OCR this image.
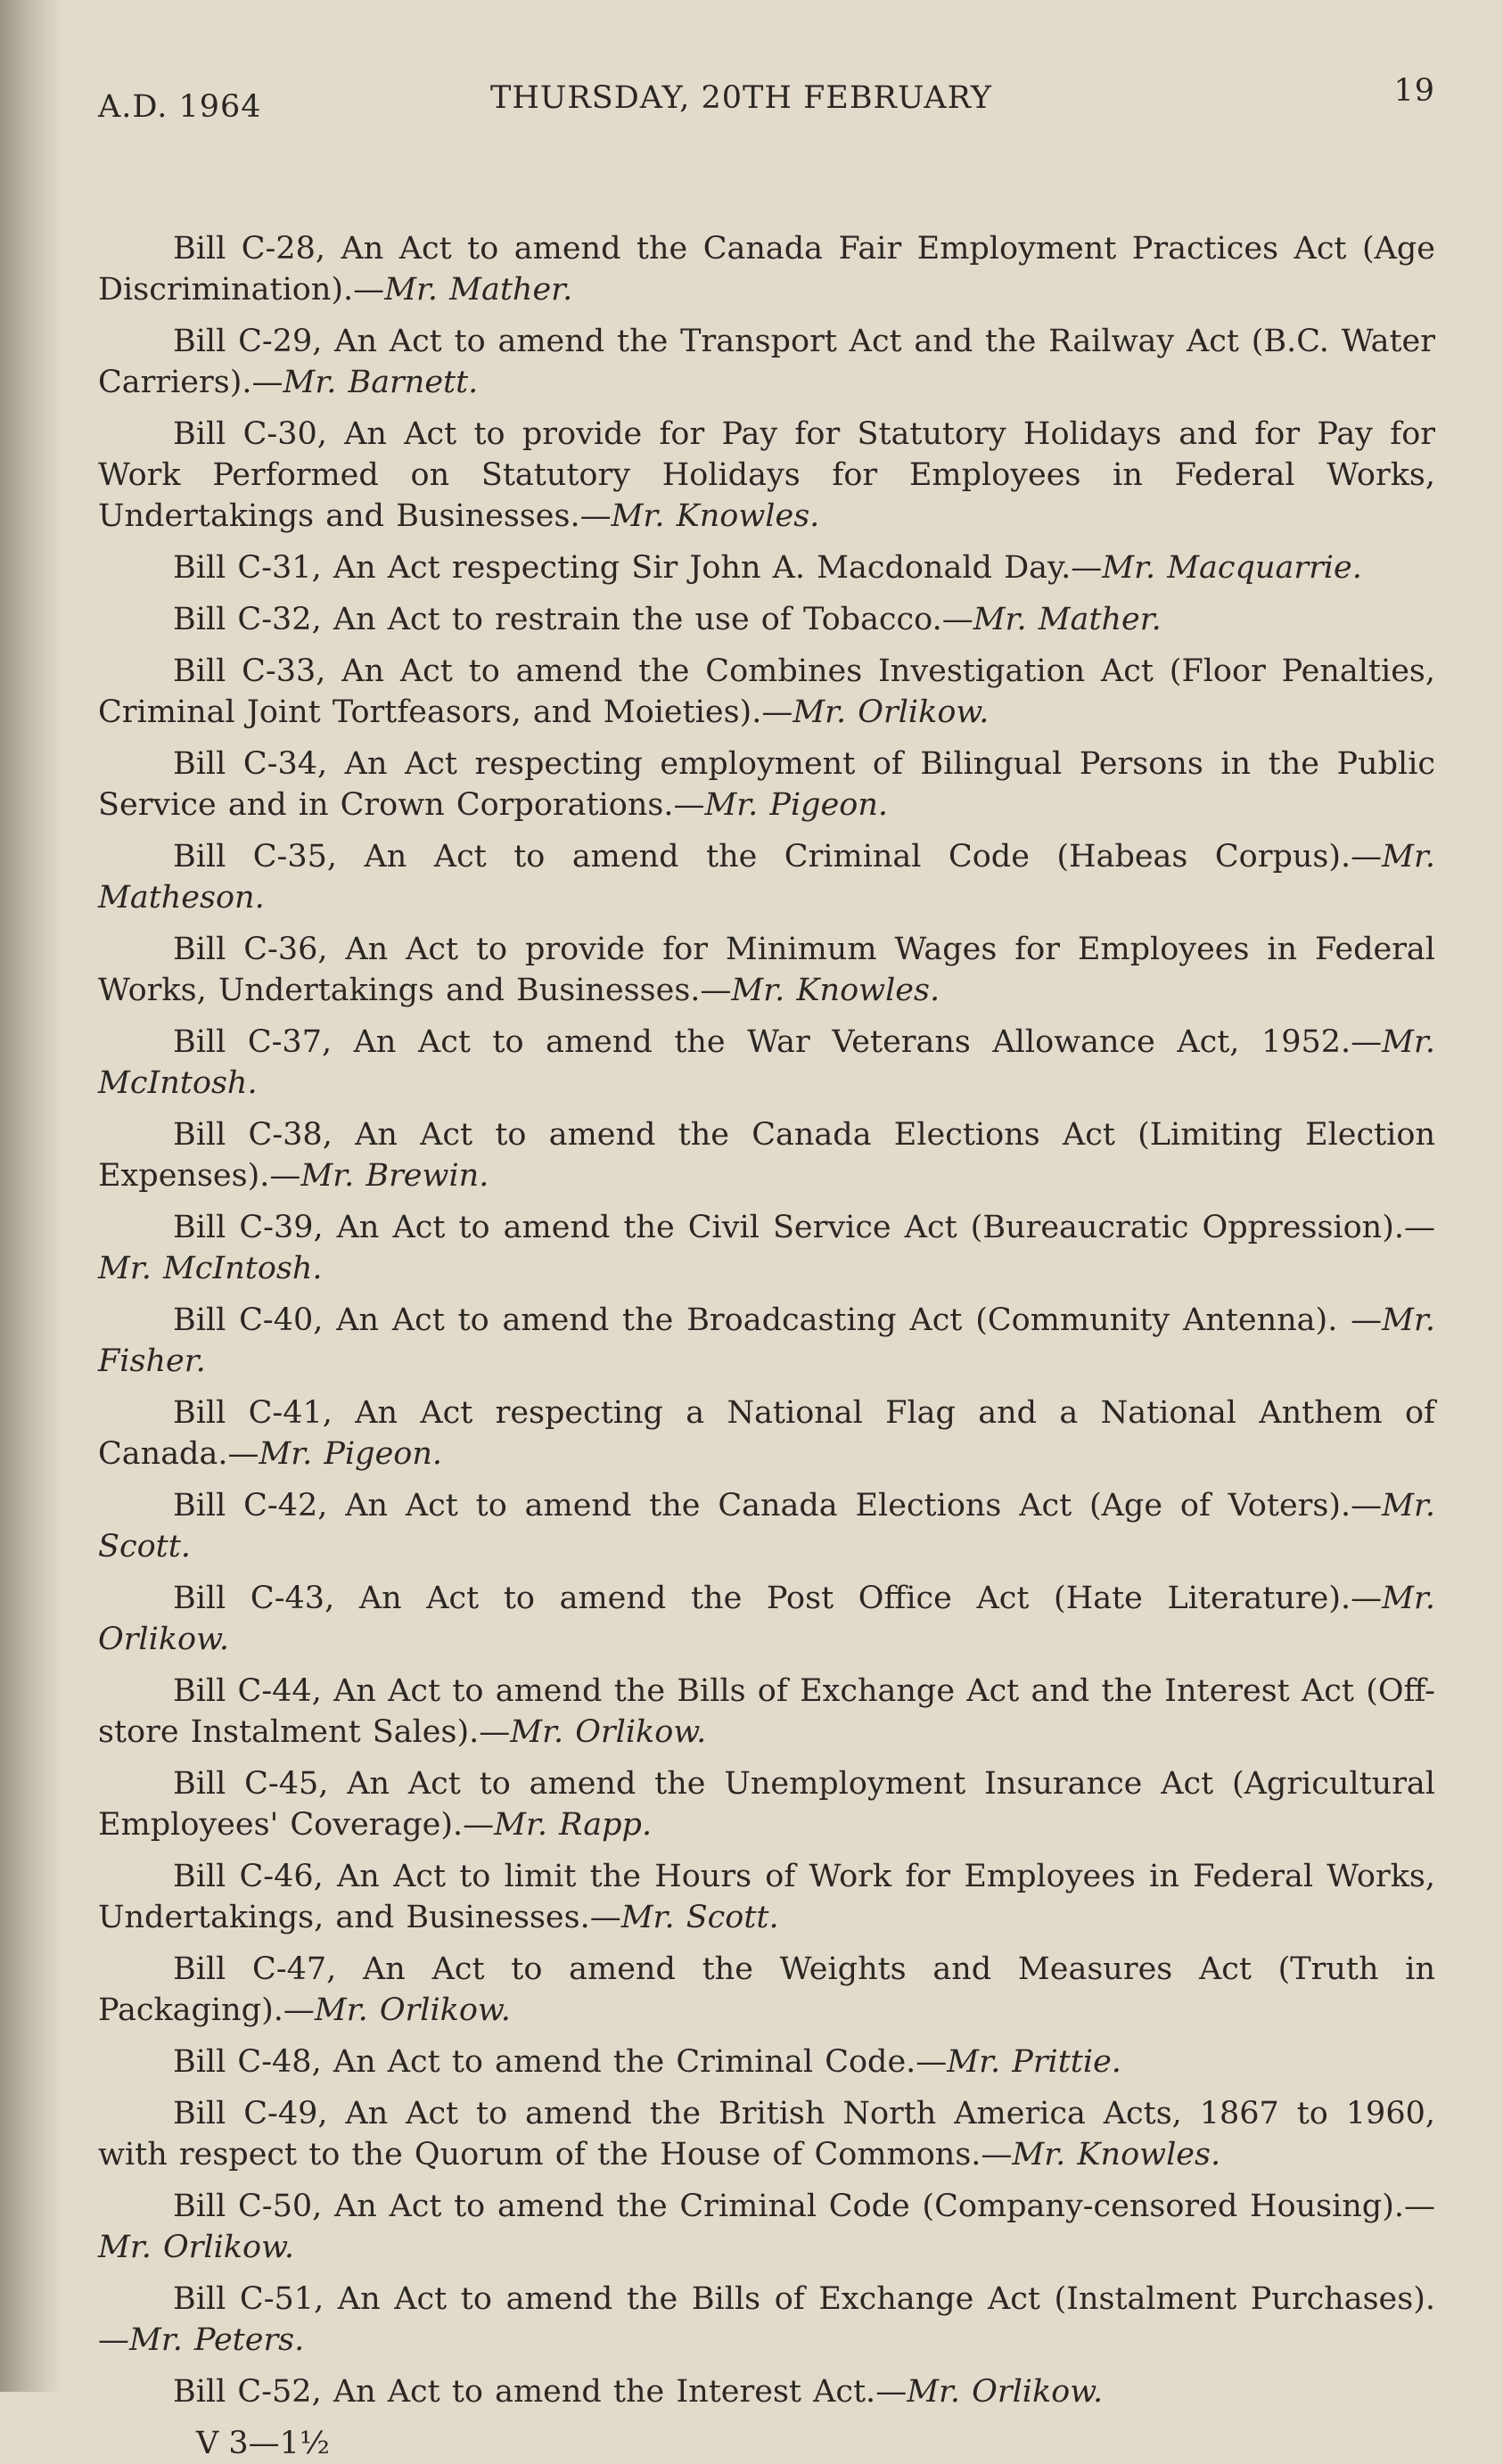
A.D. 1964	THURSDAY, 20TH FEBRUARY	19

Bill C-28, An Act to amend the Canada Fair Employment Practices Act (Age Discrimination).—Mr. Mather.

Bill C-29, An Act to amend the Transport Act and the Railway Act (B.C. Water Carriers).—Mr. Barnett.

Bill C-30, An Act to provide for Pay for Statutory Holidays and for Pay for Work Performed on Statutory Holidays for Employees in Federal Works, Undertakings and Businesses.—Mr. Knowles.

Bill C-31, An Act respecting Sir John A. Macdonald Day.—Mr. Macquarrie.

Bill C-32, An Act to restrain the use of Tobacco.—Mr. Mather.

Bill C-33, An Act to amend the Combines Investigation Act (Floor Penalties, Criminal Joint Tortfeasors, and Moieties).—Mr. Orlikow.

Bill C-34, An Act respecting employment of Bilingual Persons in the Public Service and in Crown Corporations.—Mr. Pigeon.

Bill C-35, An Act to amend the Criminal Code (Habeas Corpus).—Mr. Matheson.

Bill C-36, An Act to provide for Minimum Wages for Employees in Federal Works, Undertakings and Businesses.—Mr. Knowles.

Bill C-37, An Act to amend the War Veterans Allowance Act, 1952.—Mr. McIntosh.

Bill C-38, An Act to amend the Canada Elections Act (Limiting Election Expenses).—Mr. Brewin.

Bill C-39, An Act to amend the Civil Service Act (Bureaucratic Oppression).—Mr. McIntosh.

Bill C-40, An Act to amend the Broadcasting Act (Community Antenna). —Mr. Fisher.

Bill C-41, An Act respecting a National Flag and a National Anthem of Canada.—Mr. Pigeon.

Bill C-42, An Act to amend the Canada Elections Act (Age of Voters).—Mr. Scott.

Bill C-43, An Act to amend the Post Office Act (Hate Literature).—Mr. Orlikow.

Bill C-44, An Act to amend the Bills of Exchange Act and the Interest Act (Off-store Instalment Sales).—Mr. Orlikow.

Bill C-45, An Act to amend the Unemployment Insurance Act (Agricultural Employees' Coverage).—Mr. Rapp.

Bill C-46, An Act to limit the Hours of Work for Employees in Federal Works, Undertakings, and Businesses.—Mr. Scott.

Bill C-47, An Act to amend the Weights and Measures Act (Truth in Packaging).—Mr. Orlikow.

Bill C-48, An Act to amend the Criminal Code.—Mr. Prittie.

Bill C-49, An Act to amend the British North America Acts, 1867 to 1960, with respect to the Quorum of the House of Commons.—Mr. Knowles.

Bill C-50, An Act to amend the Criminal Code (Company-censored Housing).—Mr. Orlikow.

Bill C-51, An Act to amend the Bills of Exchange Act (Instalment Purchases).—Mr. Peters.

Bill C-52, An Act to amend the Interest Act.—Mr. Orlikow.

V 3—1½
